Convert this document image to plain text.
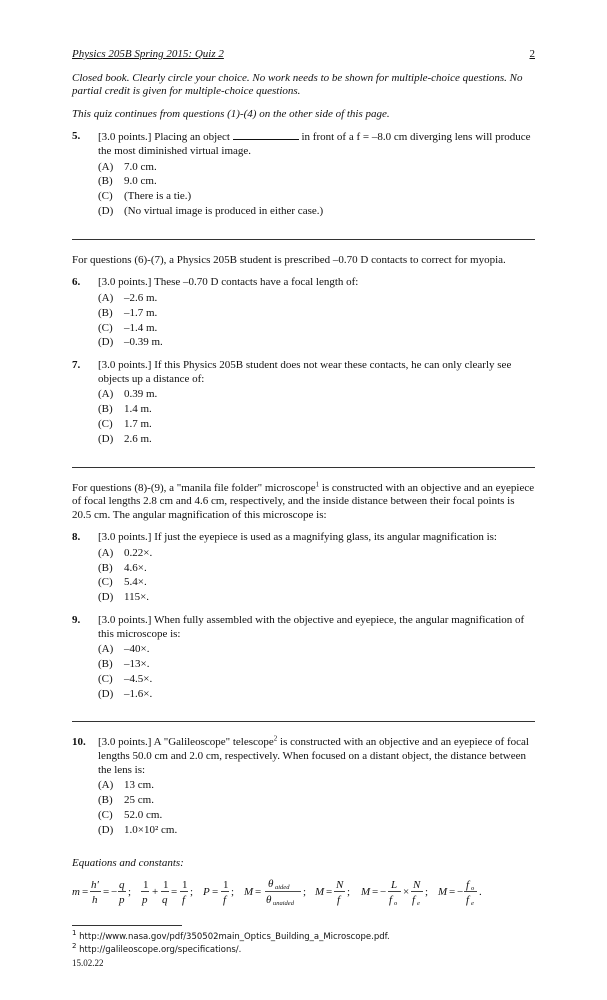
Physics 205B Spring 2015: Quiz 2	2
Closed book. Clearly circle your choice. No work needs to be shown for multiple-choice questions. No partial credit is given for multiple-choice questions.
This quiz continues from questions (1)-(4) on the other side of this page.
5.	[3.0 points.] Placing an object	in front of a f = –8.0 cm diverging lens will produce the most diminished virtual image.
(A) 7.0 cm.
(B)	9.0 cm.
(C)	(There is a tie.)
(D) (No virtual image is produced in either case.)
For questions (6)-(7), a Physics 205B student is prescribed –0.70 D contacts to correct for myopia.
6.	[3.0 points.] These –0.70 D contacts have a focal length of:
(A) –2.6 m.
(B)	–1.7 m.
(C)	–1.4 m.
(D) –0.39 m.
7.	[3.0 points.] If this Physics 205B student does not wear these contacts, he can only clearly see objects up a distance of:
(A) 0.39 m.
(B)	1.4 m.
(C)	1.7 m.
(D) 2.6 m.
For questions (8)-(9), a "manila file folder" microscope$^1$ is constructed with an objective and an eyepiece of focal lengths 2.8 cm and 4.6 cm, respectively, and the inside distance between their focal points is 20.5 cm. The angular magnification of this microscope is:
8.	[3.0 points.] If just the eyepiece is used as a magnifying glass, its angular magnification is:
(A) 0.22×.
(B)	4.6×.
(C)	5.4×.
(D) 115×.
9.	[3.0 points.] When fully assembled with the objective and eyepiece, the angular magnification of this microscope is:
(A) –40×.
(B)	–13×.
(C)	–4.5×.
(D) –1.6×.
10.	[3.0 points.] A "Galileoscope" telescope$^2$ is constructed with an objective and an eyepiece of focal lengths 50.0 cm and 2.0 cm, respectively. When focused on a distant object, the distance between the lens is:
(A) 13 cm.
(B)	25 cm.
(C)	52.0 cm.
(D) 1.0×10² cm.
Equations and constants:
m =
h′
h
= −
q
p
;
1
p
+
1
q
=
1
f
; P =
1
f
; M =
θ aided
θ unaided
; M =
N
f
; M = −
L
f o
×
N
f e
; M = −
f o
f e
.
$^1$ http://www.nasa.gov/pdf/350502main_Optics_Building_a_Microscope.pdf.
$^2$ http://galileoscope.org/specifications/.
15.02.22
